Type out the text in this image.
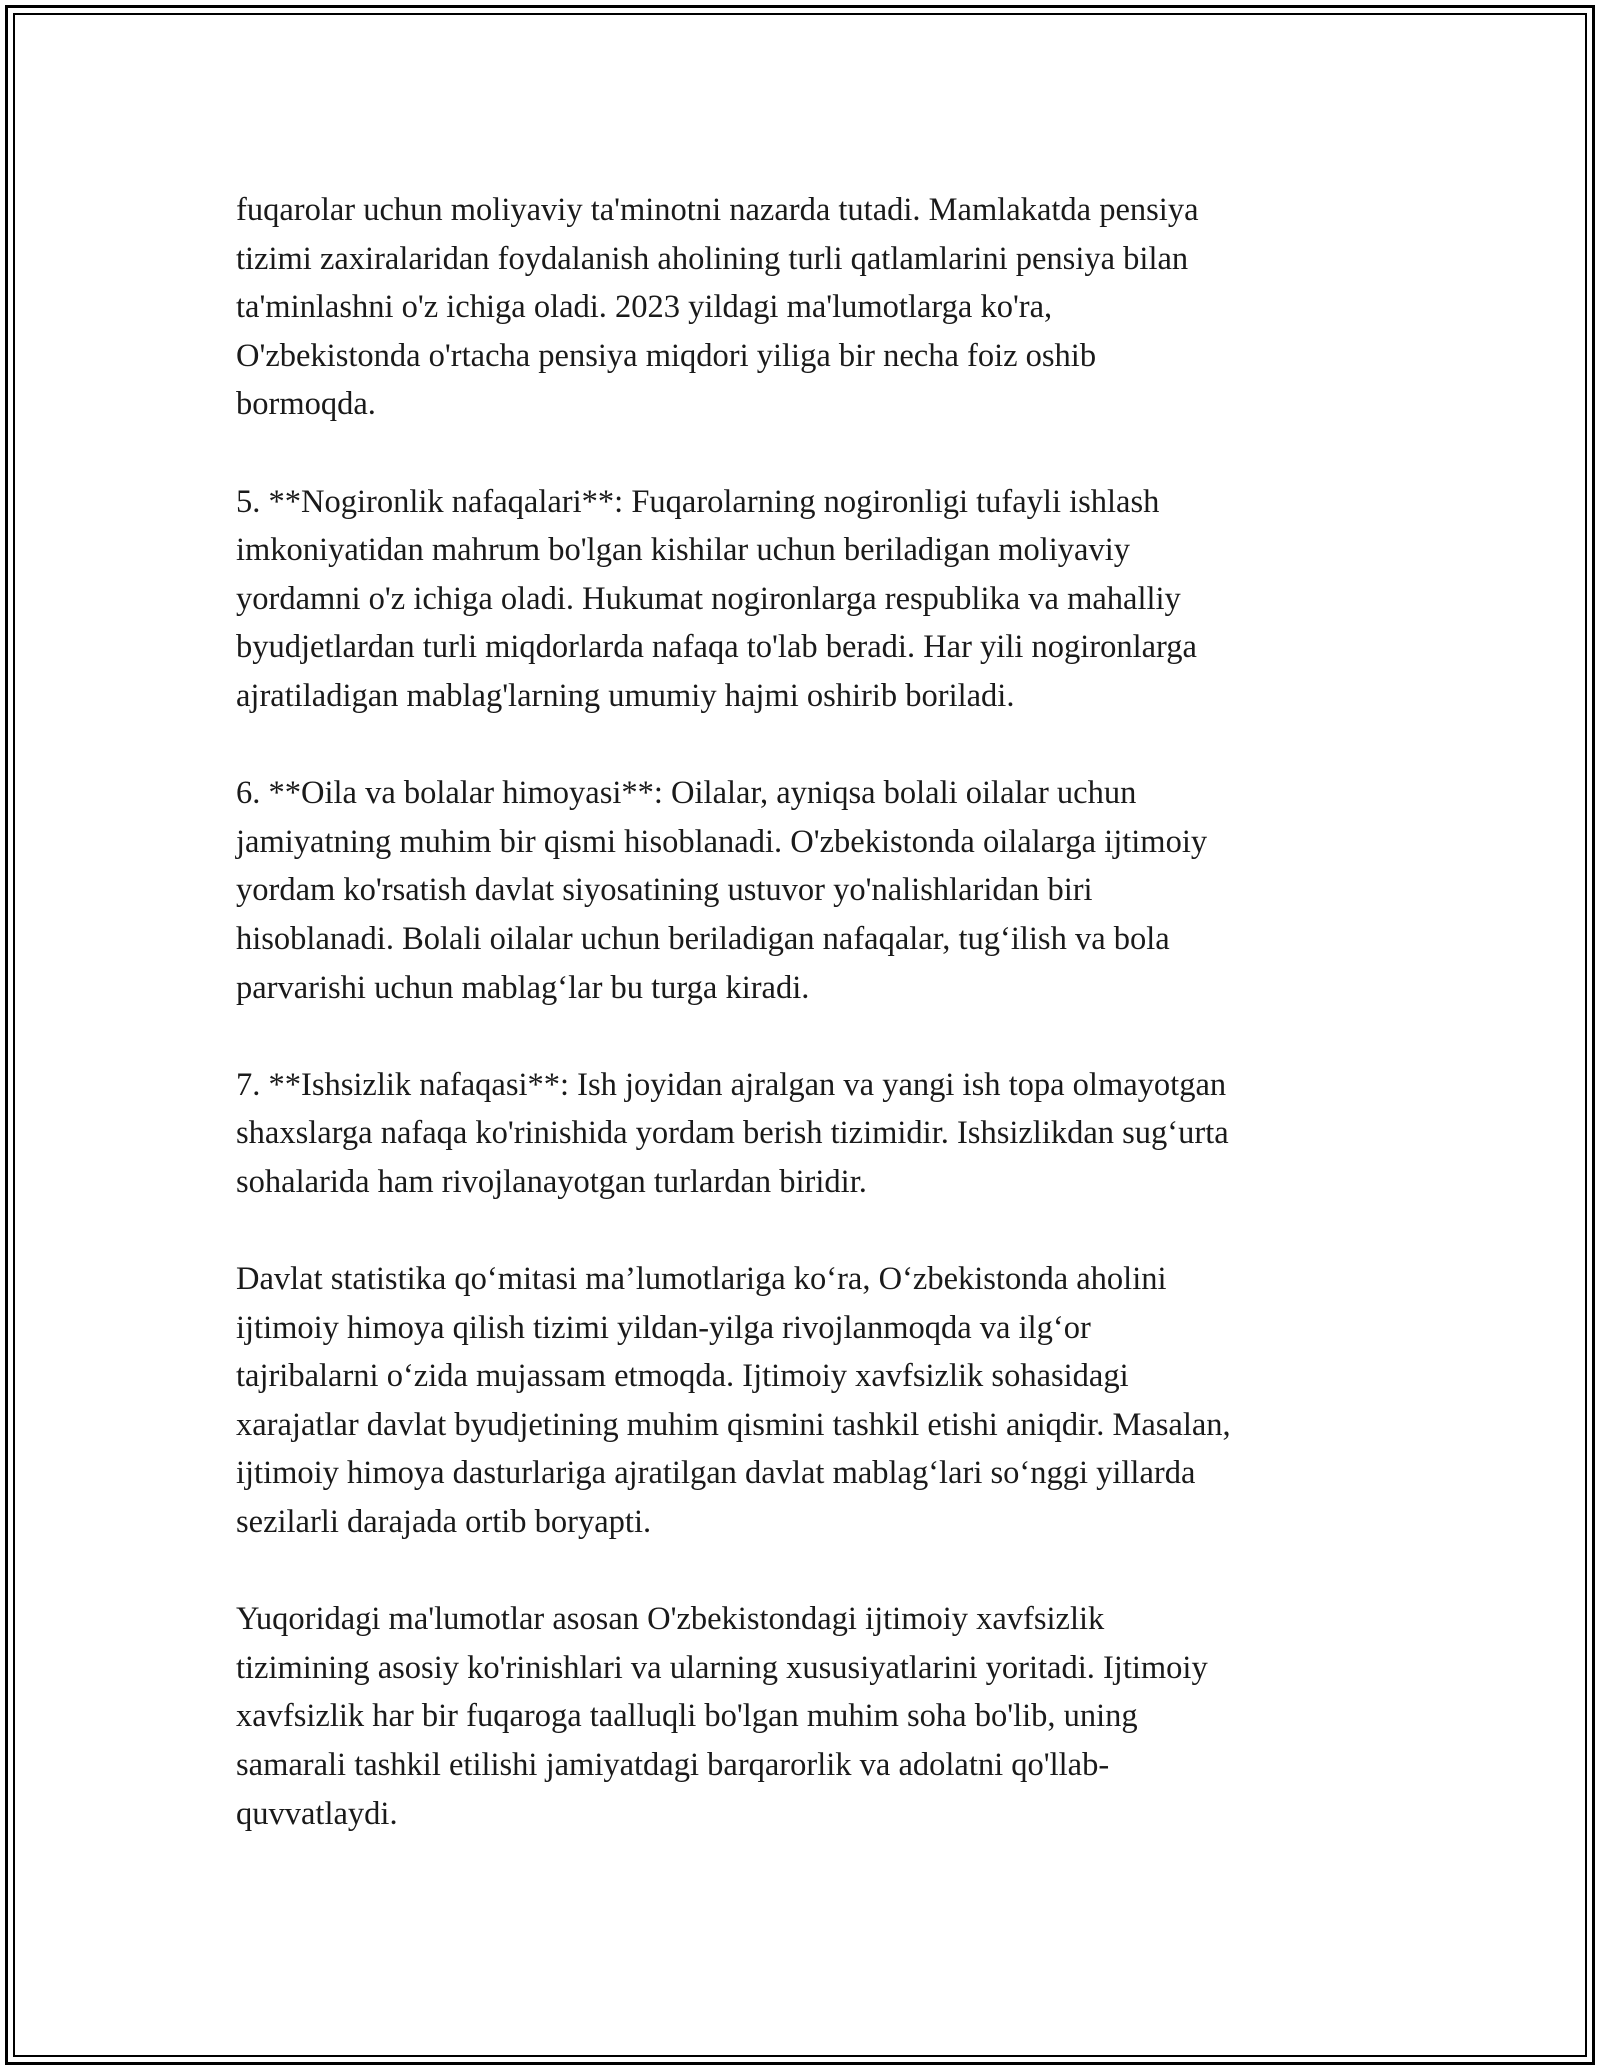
fuqarolar uchun moliyaviy ta'minotni nazarda tutadi. Mamlakatda pensiya
tizimi zaxiralaridan foydalanish aholining turli qatlamlarini pensiya bilan
ta'minlashni o'z ichiga oladi. 2023 yildagi ma'lumotlarga ko'ra,
O'zbekistonda o'rtacha pensiya miqdori yiliga bir necha foiz oshib
bormoqda.

5. **Nogironlik nafaqalari**: Fuqarolarning nogironligi tufayli ishlash
imkoniyatidan mahrum bo'lgan kishilar uchun beriladigan moliyaviy
yordamni o'z ichiga oladi. Hukumat nogironlarga respublika va mahalliy
byudjetlardan turli miqdorlarda nafaqa to'lab beradi. Har yili nogironlarga
ajratiladigan mablag'larning umumiy hajmi oshirib boriladi.

6. **Oila va bolalar himoyasi**: Oilalar, ayniqsa bolali oilalar uchun
jamiyatning muhim bir qismi hisoblanadi. O'zbekistonda oilalarga ijtimoiy
yordam ko'rsatish davlat siyosatining ustuvor yo'nalishlaridan biri
hisoblanadi. Bolali oilalar uchun beriladigan nafaqalar, tug‘ilish va bola
parvarishi uchun mablag‘lar bu turga kiradi.

7. **Ishsizlik nafaqasi**: Ish joyidan ajralgan va yangi ish topa olmayotgan
shaxslarga nafaqa ko'rinishida yordam berish tizimidir. Ishsizlikdan sug‘urta
sohalarida ham rivojlanayotgan turlardan biridir.

Davlat statistika qo‘mitasi ma’lumotlariga ko‘ra, O‘zbekistonda aholini
ijtimoiy himoya qilish tizimi yildan-yilga rivojlanmoqda va ilg‘or
tajribalarni o‘zida mujassam etmoqda. Ijtimoiy xavfsizlik sohasidagi
xarajatlar davlat byudjetining muhim qismini tashkil etishi aniqdir. Masalan,
ijtimoiy himoya dasturlariga ajratilgan davlat mablag‘lari so‘nggi yillarda
sezilarli darajada ortib boryapti.

Yuqoridagi ma'lumotlar asosan O'zbekistondagi ijtimoiy xavfsizlik
tizimining asosiy ko'rinishlari va ularning xususiyatlarini yoritadi. Ijtimoiy
xavfsizlik har bir fuqaroga taalluqli bo'lgan muhim soha bo'lib, uning
samarali tashkil etilishi jamiyatdagi barqarorlik va adolatni qo'llab-
quvvatlaydi.
